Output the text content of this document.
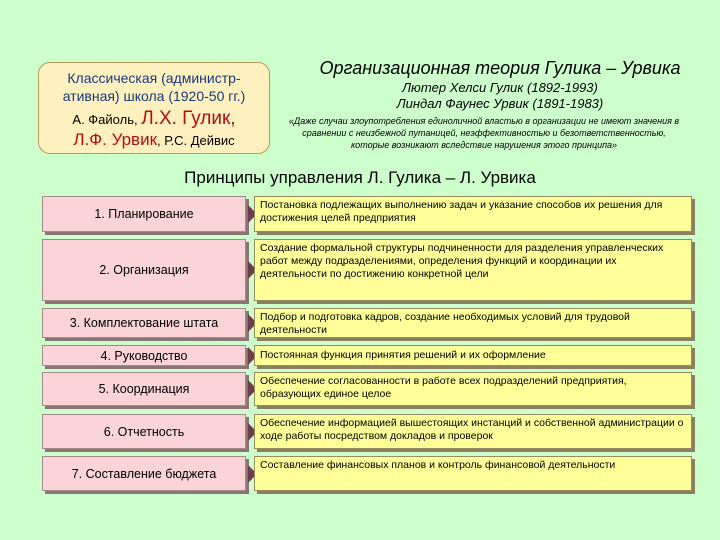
Классическая (администр-ативная) школа (1920-50 гг.)
А. Файоль, Л.Х. Гулик,
Л.Ф. Урвик, Р.С. Дейвис
Организационная теория Гулика – Урвика
Лютер Хелси Гулик (1892-1993)
Линдал Фаунес Урвик (1891-1983)
«Даже случаи злоупотребления единоличной властью в организации не имеют значения в сравнении с неизбежной путаницей, неэффективностью и безответственностью, которые возникают вследствие нарушения этого принципа»
Принципы управления Л. Гулика – Л. Урвика
1. Планирование
Постановка подлежащих выполнению задач и указание способов их решения для достижения целей предприятия
2. Организация
Создание формальной структуры подчиненности для разделения управленческих работ между подразделениями, определения функций и координации их деятельности по достижению конкретной цели
3. Комплектование штата	Подбор и подготовка кадров, создание необходимых условий для трудовой деятельности
4. Руководство	Постоянная функция принятия решений и их оформление
5. Координация
Обеспечение согласованности в работе всех подразделений предприятия, образующих единое целое
6. Отчетность
Обеспечение информацией вышестоящих инстанций и собственной администрации о ходе работы посредством докладов и проверок
7. Составление бюджета
Составление финансовых планов и контроль финансовой деятельности
